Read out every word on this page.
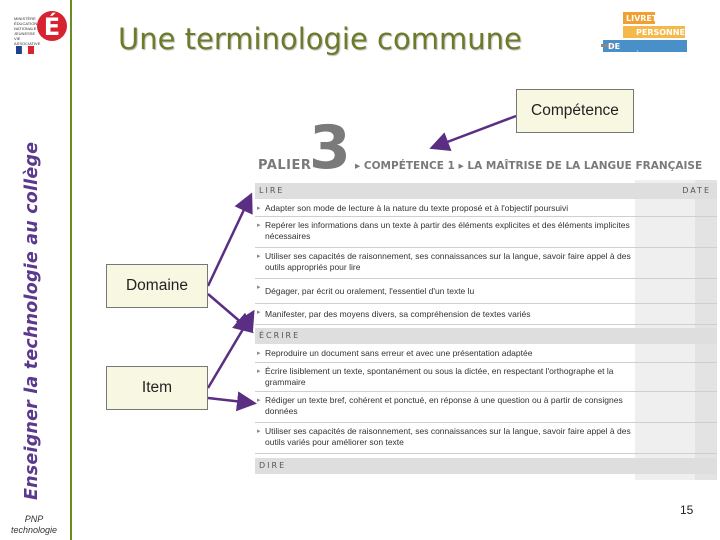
É
MINISTÈRE
ÉDUCATION
NATIONALE
JEUNESSE
VIE ASSOCIATIVE
Enseigner la technologie au collège
PNP
technologie
Une terminologie commune
LIVRET
PERSONNEL
DE COMPÉTENCES
PALIER
3 ▸ COMPÉTENCE 1 ▸ LA MAÎTRISE DE LA LANGUE FRANÇAISE
LIRE	DATE
▸ Adapter son mode de lecture à la nature du texte proposé et à l'objectif poursuivi
▸ Repérer les informations dans un texte à partir des éléments explicites et des éléments implicites nécessaires
▸ Utiliser ses capacités de raisonnement, ses connaissances sur la langue, savoir faire appel à des outils appropriés pour lire
▸ Dégager, par écrit ou oralement, l'essentiel d'un texte lu
▸ Manifester, par des moyens divers, sa compréhension de textes variés
ÉCRIRE
▸ Reproduire un document sans erreur et avec une présentation adaptée
▸ Écrire lisiblement un texte, spontanément ou sous la dictée, en respectant l'orthographe et la grammaire
▸ Rédiger un texte bref, cohérent et ponctué, en réponse à une question ou à partir de consignes données
▸ Utiliser ses capacités de raisonnement, ses connaissances sur la langue, savoir faire appel à des outils variés pour améliorer son texte
DIRE
Compétence
Domaine
Item
15
